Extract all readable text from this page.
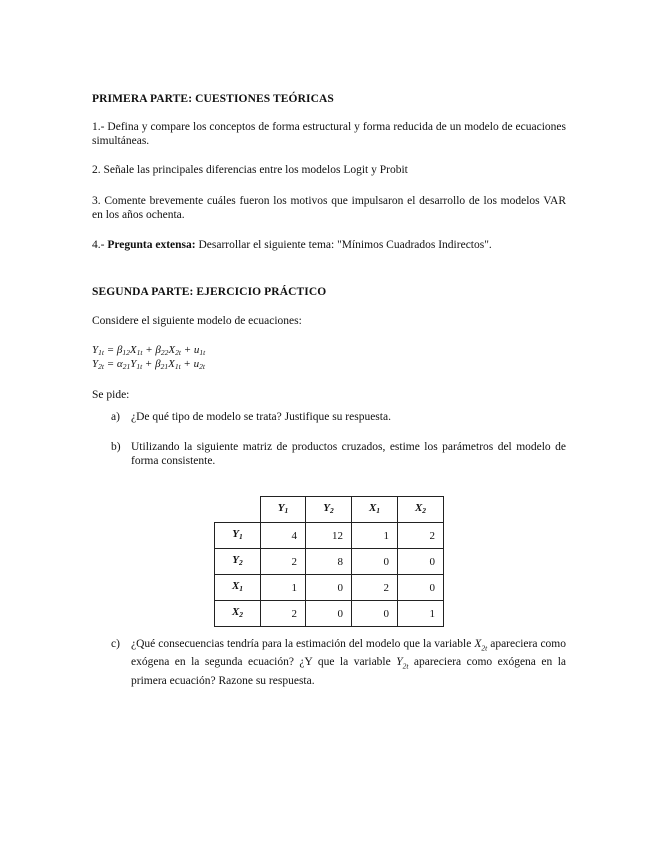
PRIMERA PARTE: CUESTIONES TEÓRICAS
1.- Defina y compare los conceptos de forma estructural y forma reducida de un modelo de ecuaciones simultáneas.
2. Señale las principales diferencias entre los modelos Logit y Probit
3. Comente brevemente cuáles fueron los motivos que impulsaron el desarrollo de los modelos VAR en los años ochenta.
4.- Pregunta extensa: Desarrollar el siguiente tema: "Mínimos Cuadrados Indirectos".
SEGUNDA PARTE: EJERCICIO PRÁCTICO
Considere el siguiente modelo de ecuaciones:
$Y_{1t} = \beta_{12}X_{1t} + \beta_{22}X_{2t} + u_{1t}$
$Y_{2t} = \alpha_{21}Y_{1t} + \beta_{21}X_{1t} + u_{2t}$
Se pide:
a) ¿De qué tipo de modelo se trata? Justifique su respuesta.
b) Utilizando la siguiente matriz de productos cruzados, estime los parámetros del modelo de forma consistente.
	$Y_1$	$Y_2$	$X_1$	$X_2$
$Y_1$	4	12	1	2
$Y_2$	2	8	0	0
$X_1$	1	0	2	0
$X_2$	2	0	0	1
c) ¿Qué consecuencias tendría para la estimación del modelo que la variable $X_{2t}$ apareciera como exógena en la segunda ecuación? ¿Y que la variable $Y_{2t}$ apareciera como exógena en la primera ecuación? Razone su respuesta.
